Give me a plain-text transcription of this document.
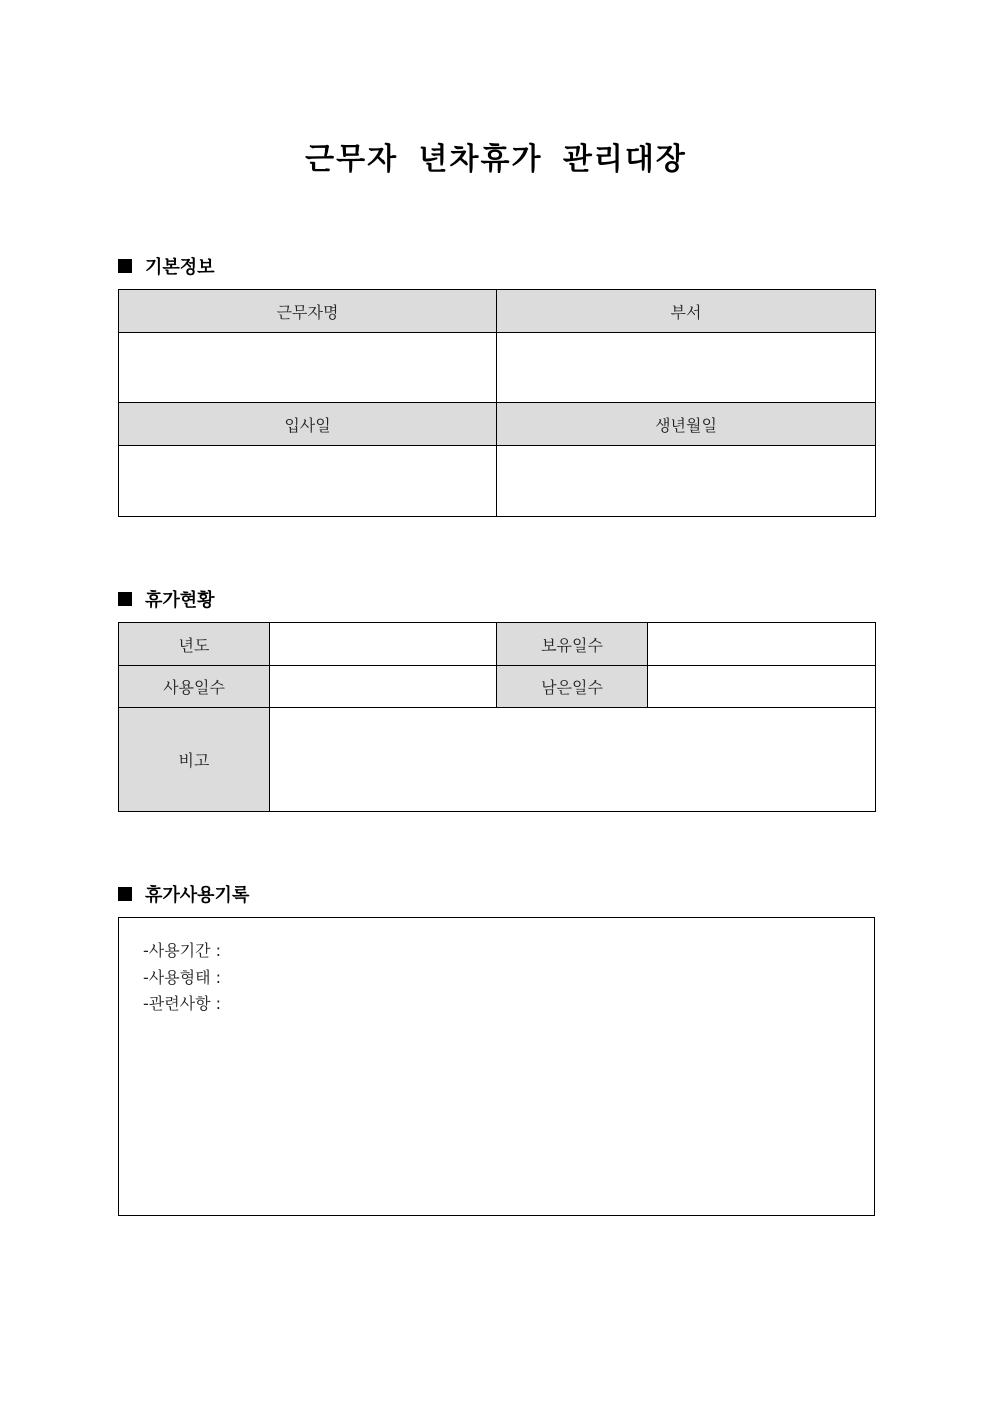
근무자 년차휴가 관리대장
기본정보
근무자명	부서

입사일	생년월일

휴가현황
년도		보유일수	
사용일수		남은일수	
비고			
휴가사용기록
-사용기간 :
-사용형태 :
-관련사항 :
